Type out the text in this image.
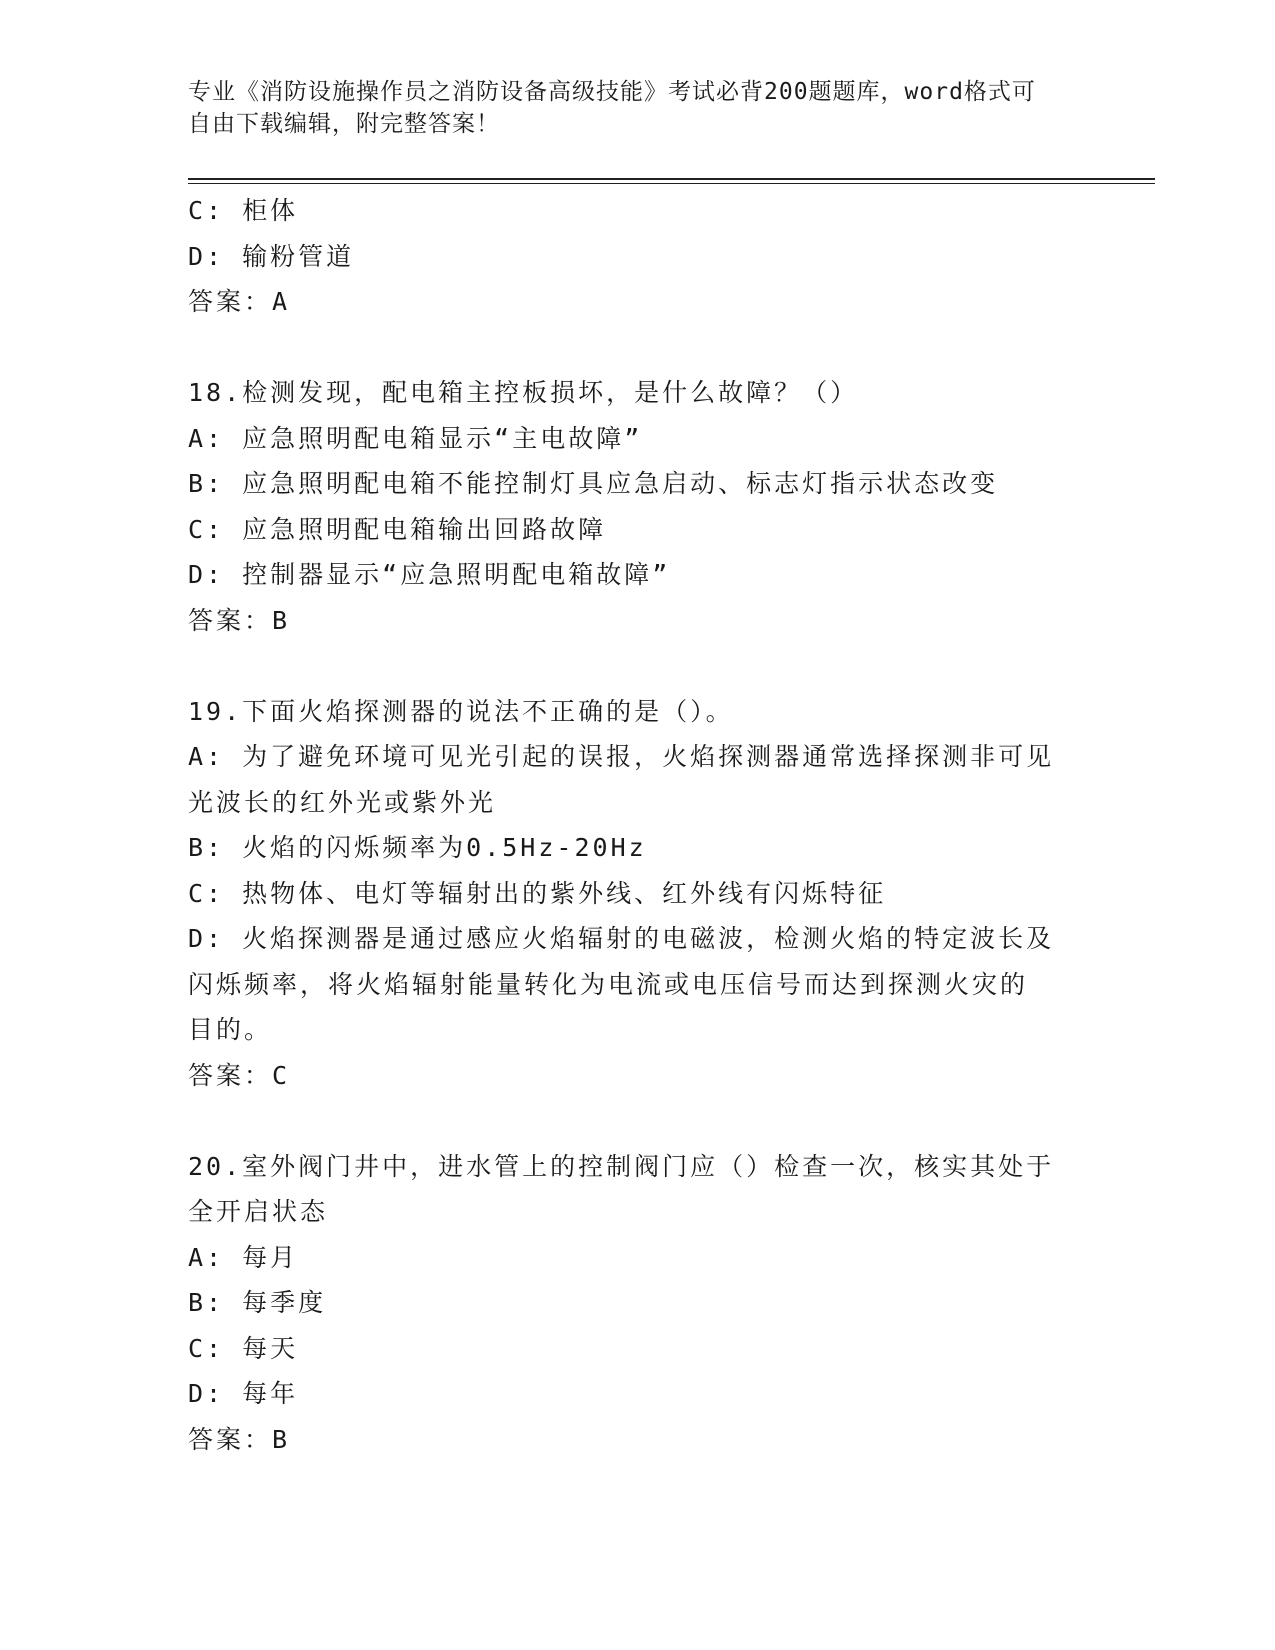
专业《消防设施操作员之消防设备高级技能》考试必背200题题库，word格式可
自由下载编辑，附完整答案！
C: 柜体
D: 输粉管道
答案：A
18.检测发现，配电箱主控板损坏，是什么故障？（）
A: 应急照明配电箱显示“主电故障”
B: 应急照明配电箱不能控制灯具应急启动、标志灯指示状态改变
C: 应急照明配电箱输出回路故障
D: 控制器显示“应急照明配电箱故障”
答案：B
19.下面火焰探测器的说法不正确的是（）。
A: 为了避免环境可见光引起的误报，火焰探测器通常选择探测非可见
光波长的红外光或紫外光
B: 火焰的闪烁频率为0.5Hz-20Hz
C: 热物体、电灯等辐射出的紫外线、红外线有闪烁特征
D: 火焰探测器是通过感应火焰辐射的电磁波，检测火焰的特定波长及
闪烁频率，将火焰辐射能量转化为电流或电压信号而达到探测火灾的
目的。
答案：C
20.室外阀门井中，进水管上的控制阀门应（）检查一次，核实其处于
全开启状态
A: 每月
B: 每季度
C: 每天
D: 每年
答案：B
